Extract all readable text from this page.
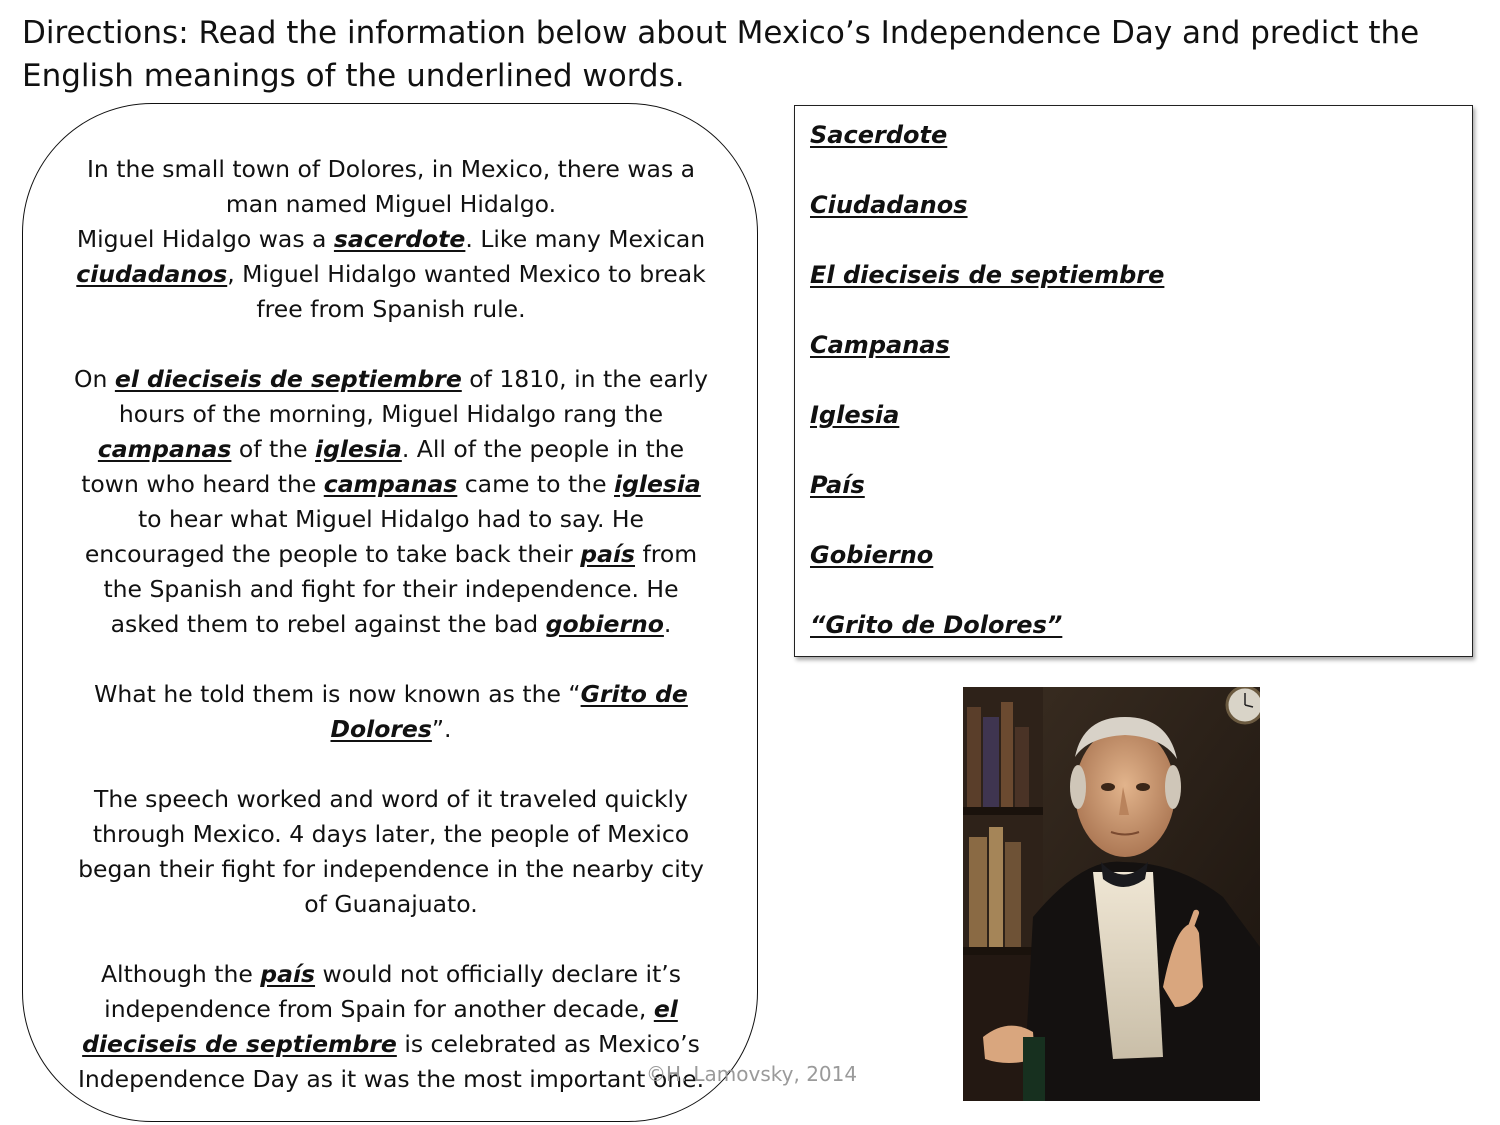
Directions: Read the information below about Mexico’s Independence Day and predict the
English meanings of the underlined words.

In the small town of Dolores, in Mexico, there was a
man named Miguel Hidalgo.
Miguel Hidalgo was a sacerdote. Like many Mexican
ciudadanos, Miguel Hidalgo wanted Mexico to break
free from Spanish rule.

On el dieciseis de septiembre of 1810, in the early
hours of the morning, Miguel Hidalgo rang the
campanas of the iglesia. All of the people in the
town who heard the campanas came to the iglesia
to hear what Miguel Hidalgo had to say. He
encouraged the people to take back their país from
the Spanish and fight for their independence. He
asked them to rebel against the bad gobierno.

What he told them is now known as the “Grito de
Dolores”.

The speech worked and word of it traveled quickly
through Mexico. 4 days later, the people of Mexico
began their fight for independence in the nearby city
of Guanajuato.

Although the país would not officially declare it’s
independence from Spain for another decade, el
dieciseis de septiembre is celebrated as Mexico’s
Independence Day as it was the most important one.

Sacerdote
Ciudadanos
El dieciseis de septiembre
Campanas
Iglesia
País
Gobierno
“Grito de Dolores”
©H. Lamovsky, 2014
